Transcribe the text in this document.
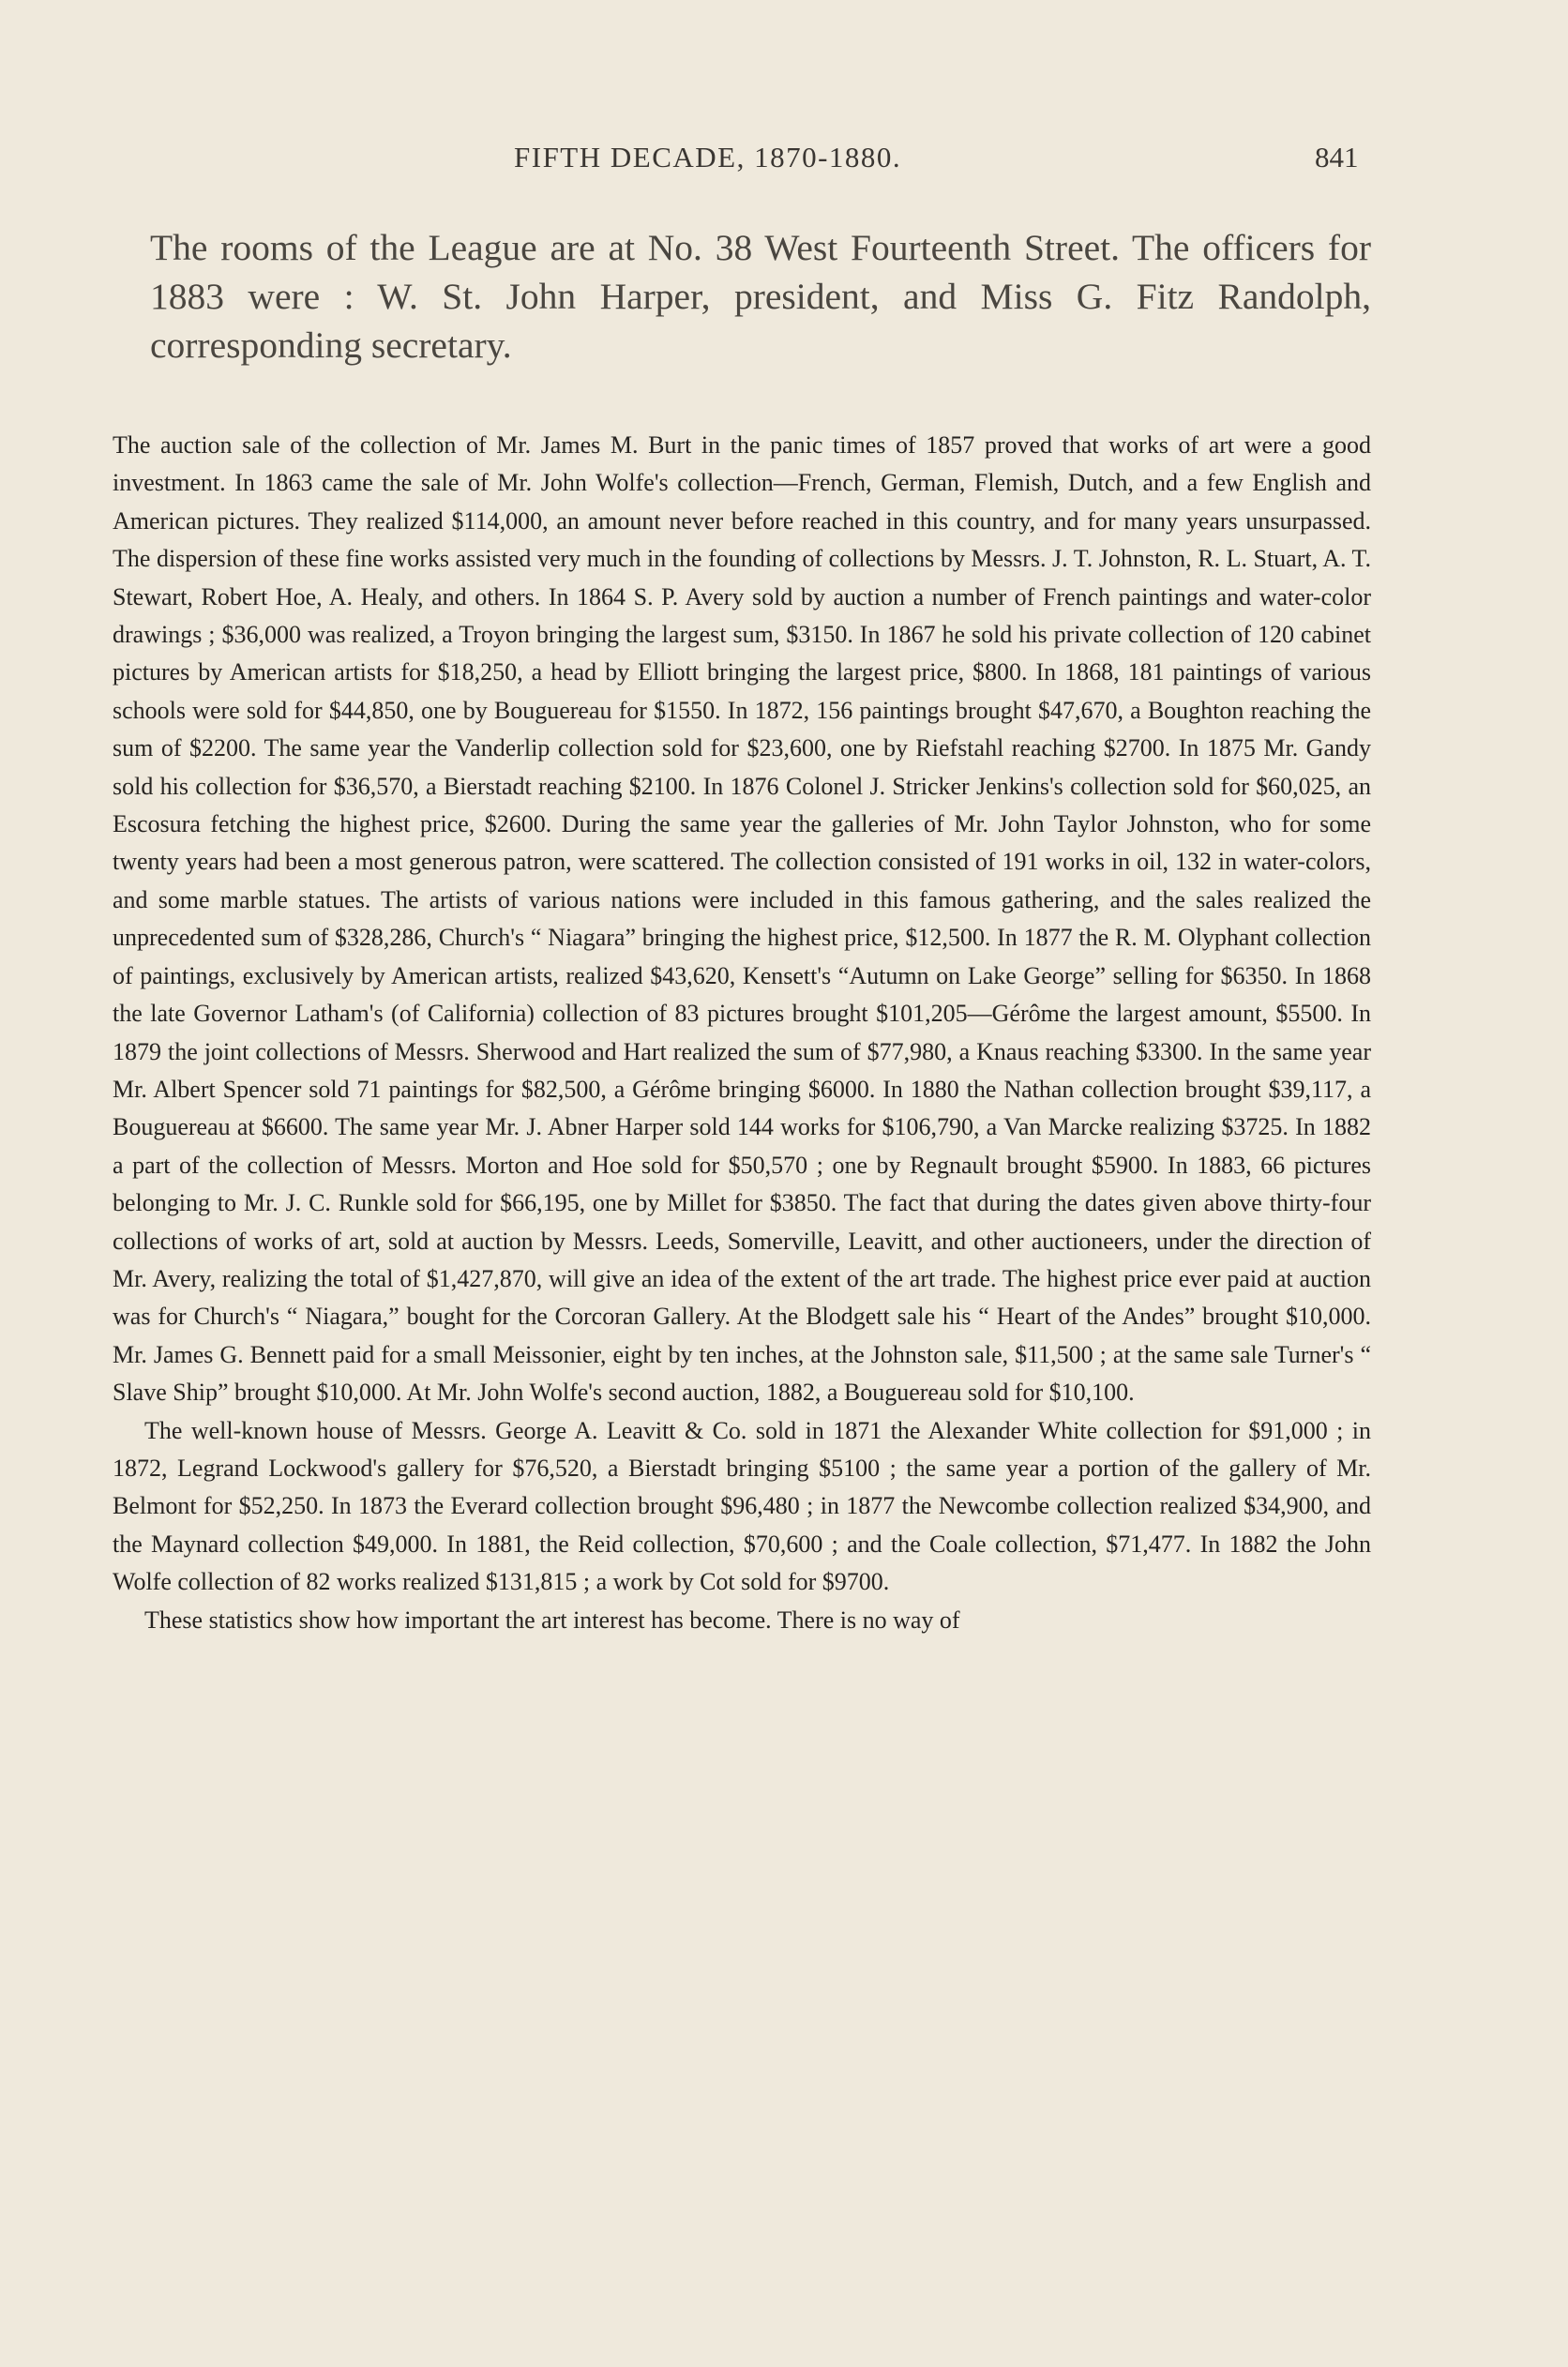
FIFTH DECADE, 1870-1880.	841
The rooms of the League are at No. 38 West Fourteenth Street. The officers for 1883 were : W. St. John Harper, president, and Miss G. Fitz Randolph, corresponding secretary.

The auction sale of the collection of Mr. James M. Burt in the panic times of 1857 proved that works of art were a good investment. In 1863 came the sale of Mr. John Wolfe's collection—French, German, Flemish, Dutch, and a few English and American pictures. They realized $114,000, an amount never before reached in this country, and for many years unsurpassed. The dispersion of these fine works assisted very much in the founding of collections by Messrs. J. T. Johnston, R. L. Stuart, A. T. Stewart, Robert Hoe, A. Healy, and others. In 1864 S. P. Avery sold by auction a number of French paintings and water-color drawings ; $36,000 was realized, a Troyon bringing the largest sum, $3150. In 1867 he sold his private collection of 120 cabinet pictures by American artists for $18,250, a head by Elliott bringing the largest price, $800. In 1868, 181 paintings of various schools were sold for $44,850, one by Bouguereau for $1550. In 1872, 156 paintings brought $47,670, a Boughton reaching the sum of $2200. The same year the Vanderlip collection sold for $23,600, one by Riefstahl reaching $2700. In 1875 Mr. Gandy sold his collection for $36,570, a Bierstadt reaching $2100. In 1876 Colonel J. Stricker Jenkins's collection sold for $60,025, an Escosura fetching the highest price, $2600. During the same year the galleries of Mr. John Taylor Johnston, who for some twenty years had been a most generous patron, were scattered. The collection consisted of 191 works in oil, 132 in water-colors, and some marble statues. The artists of various nations were included in this famous gathering, and the sales realized the unprecedented sum of $328,286, Church's “ Niagara” bringing the highest price, $12,500. In 1877 the R. M. Olyphant collection of paintings, exclusively by American artists, realized $43,620, Kensett's “Autumn on Lake George” selling for $6350. In 1868 the late Governor Latham's (of California) collection of 83 pictures brought $101,205—Gérôme the largest amount, $5500. In 1879 the joint collections of Messrs. Sherwood and Hart realized the sum of $77,980, a Knaus reaching $3300. In the same year Mr. Albert Spencer sold 71 paintings for $82,500, a Gérôme bringing $6000. In 1880 the Nathan collection brought $39,117, a Bouguereau at $6600. The same year Mr. J. Abner Harper sold 144 works for $106,790, a Van Marcke realizing $3725. In 1882 a part of the collection of Messrs. Morton and Hoe sold for $50,570 ; one by Regnault brought $5900. In 1883, 66 pictures belonging to Mr. J. C. Runkle sold for $66,195, one by Millet for $3850. The fact that during the dates given above thirty-four collections of works of art, sold at auction by Messrs. Leeds, Somerville, Leavitt, and other auctioneers, under the direction of Mr. Avery, realizing the total of $1,427,870, will give an idea of the extent of the art trade. The highest price ever paid at auction was for Church's “ Niagara,” bought for the Corcoran Gallery. At the Blodgett sale his “ Heart of the Andes” brought $10,000. Mr. James G. Bennett paid for a small Meissonier, eight by ten inches, at the Johnston sale, $11,500 ; at the same sale Turner's “ Slave Ship” brought $10,000. At Mr. John Wolfe's second auction, 1882, a Bouguereau sold for $10,100.

The well-known house of Messrs. George A. Leavitt & Co. sold in 1871 the Alexander White collection for $91,000 ; in 1872, Legrand Lockwood's gallery for $76,520, a Bierstadt bringing $5100 ; the same year a portion of the gallery of Mr. Belmont for $52,250. In 1873 the Everard collection brought $96,480 ; in 1877 the Newcombe collection realized $34,900, and the Maynard collection $49,000. In 1881, the Reid collection, $70,600 ; and the Coale collection, $71,477. In 1882 the John Wolfe collection of 82 works realized $131,815 ; a work by Cot sold for $9700.

These statistics show how important the art interest has become. There is no way of
